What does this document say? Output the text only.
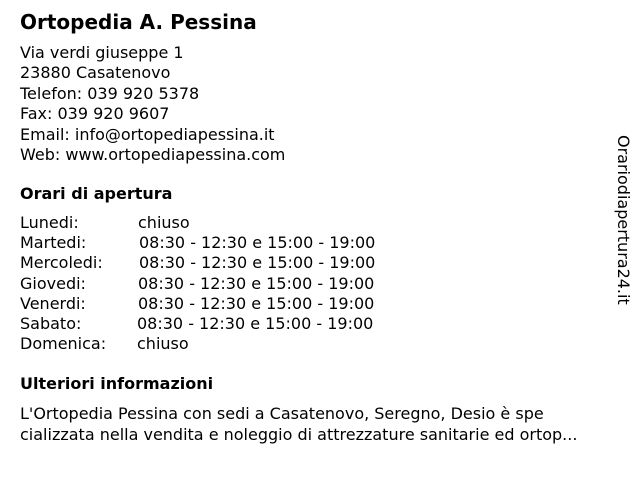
Ortopedia A. Pessina
Via verdi giuseppe 1
23880 Casatenovo
Telefon: 039 920 5378
Fax: 039 920 9607
Email: info@ortopediapessina.it
Web: www.ortopediapessina.com
Orari di apertura
Lunedi:	chiuso
Martedi:	08:30 - 12:30 e 15:00 - 19:00
Mercoledi: 08:30 - 12:30 e 15:00 - 19:00
Giovedi:	08:30 - 12:30 e 15:00 - 19:00
Venerdi:	08:30 - 12:30 e 15:00 - 19:00
Sabato:	08:30 - 12:30 e 15:00 - 19:00
Domenica: chiuso
Ulteriori informazioni
L'Ortopedia Pessina con sedi a Casatenovo, Seregno, Desio è spe
cializzata nella vendita e noleggio di attrezzature sanitarie ed ortop...
Orariodiapertura24.it
